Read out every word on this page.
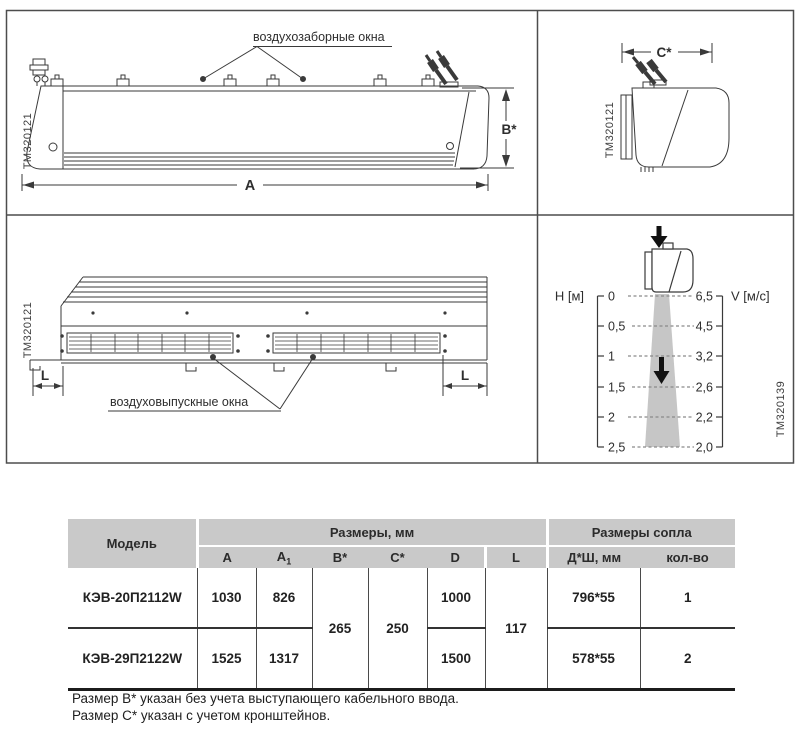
воздухозаборные окна
B*
A
TM320121
C*
TM320121
воздуховыпускные окна
L	L
TM320121
H [м]	V [м/с]
0
0,5
1
1,5
2
2,5
6,5
4,5
3,2
2,6
2,2
2,0
TM320139
Модель	Размеры, мм						Размеры сопла	
	A	$A_1$	B*	C*	D	L	Д*Ш, мм	кол-во
КЭВ-20П2112W	1030	826	265	250	1000	117	796*55	1
КЭВ-29П2122W	1525	1317			1500		578*55	2
Размер B* указан без учета выступающего кабельного ввода.
Размер C* указан с учетом кронштейнов.
